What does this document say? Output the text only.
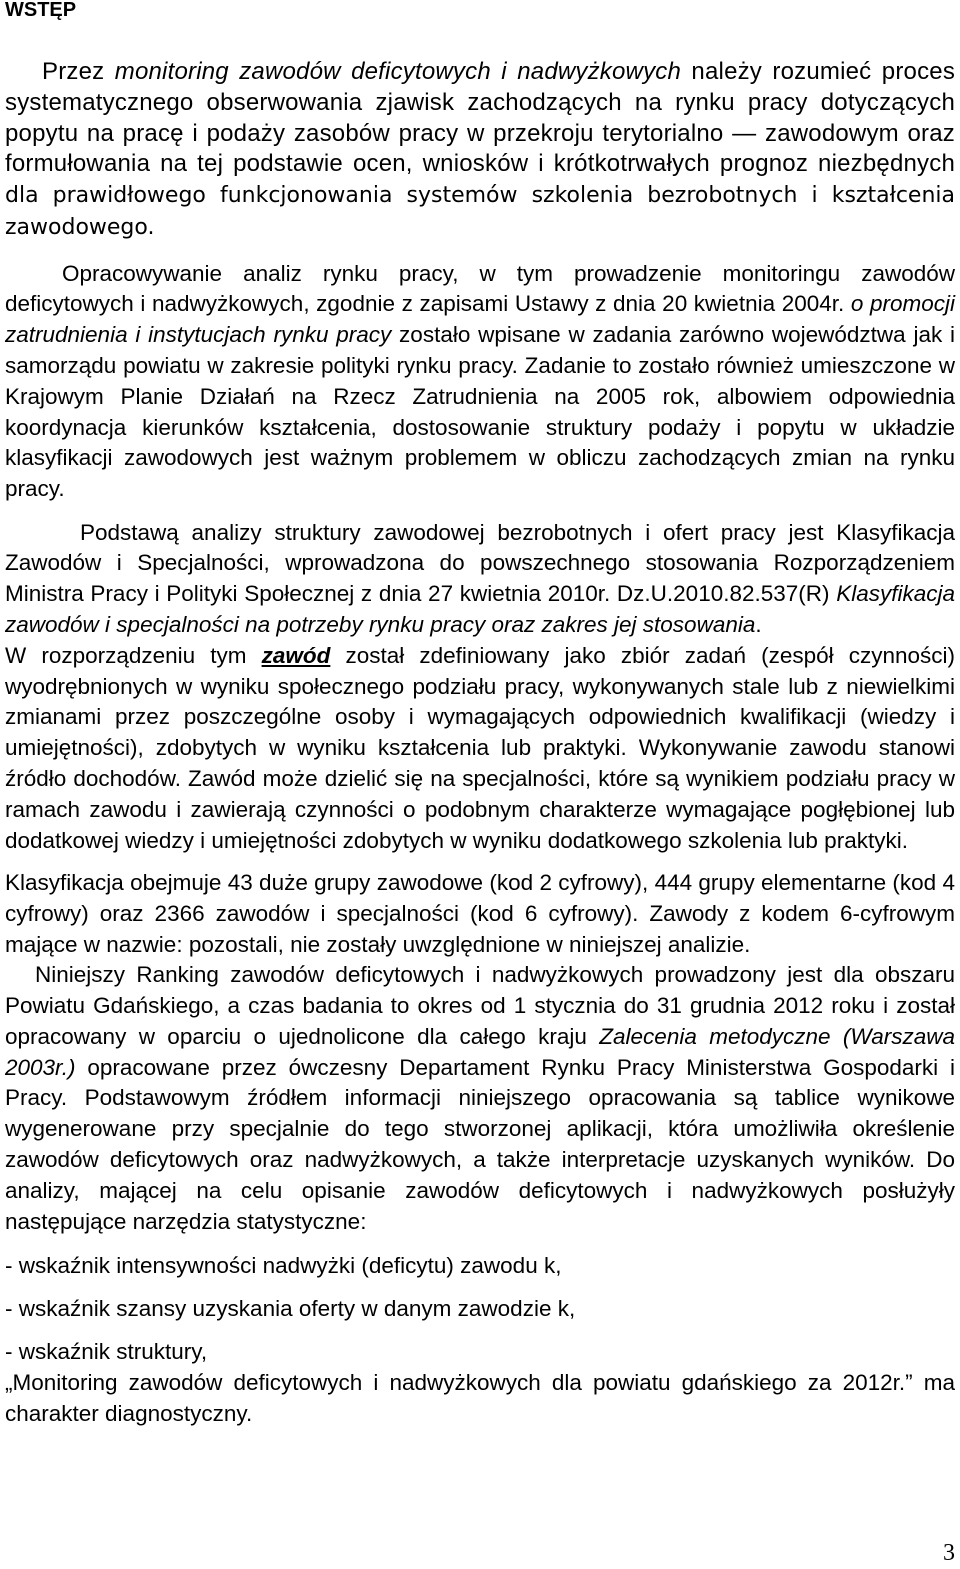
WSTĘP

Przez monitoring zawodów deficytowych i nadwyżkowych należy rozumieć proces systematycznego obserwowania zjawisk zachodzących na rynku pracy dotyczących popytu na pracę i podaży zasobów pracy w przekroju terytorialno — zawodowym oraz formułowania na tej podstawie ocen, wniosków i krótkotrwałych prognoz niezbędnych dla prawidłowego funkcjonowania systemów szkolenia bezrobotnych i kształcenia zawodowego.

Opracowywanie analiz rynku pracy, w tym prowadzenie monitoringu zawodów deficytowych i nadwyżkowych, zgodnie z zapisami Ustawy z dnia 20 kwietnia 2004r. o promocji zatrudnienia i instytucjach rynku pracy zostało wpisane w zadania zarówno województwa jak i samorządu powiatu w zakresie polityki rynku pracy. Zadanie to zostało również umieszczone w Krajowym Planie Działań na Rzecz Zatrudnienia na 2005 rok, albowiem odpowiednia koordynacja kierunków kształcenia, dostosowanie struktury podaży i popytu w układzie klasyfikacji zawodowych jest ważnym problemem w obliczu zachodzących zmian na rynku pracy.

Podstawą analizy struktury zawodowej bezrobotnych i ofert pracy jest Klasyfikacja Zawodów i Specjalności, wprowadzona do powszechnego stosowania Rozporządzeniem Ministra Pracy i Polityki Społecznej z dnia 27 kwietnia 2010r. Dz.U.2010.82.537(R) Klasyfikacja zawodów i specjalności na potrzeby rynku pracy oraz zakres jej stosowania.

W rozporządzeniu tym zawód został zdefiniowany jako zbiór zadań (zespół czynności) wyodrębnionych w wyniku społecznego podziału pracy, wykonywanych stale lub z niewielkimi zmianami przez poszczególne osoby i wymagających odpowiednich kwalifikacji (wiedzy i umiejętności), zdobytych w wyniku kształcenia lub praktyki. Wykonywanie zawodu stanowi źródło dochodów. Zawód może dzielić się na specjalności, które są wynikiem podziału pracy w ramach zawodu i zawierają czynności o podobnym charakterze wymagające pogłębionej lub dodatkowej wiedzy i umiejętności zdobytych w wyniku dodatkowego szkolenia lub praktyki.

Klasyfikacja obejmuje 43 duże grupy zawodowe (kod 2 cyfrowy), 444 grupy elementarne (kod 4 cyfrowy) oraz 2366 zawodów i specjalności (kod 6 cyfrowy). Zawody z kodem 6-cyfrowym mające w nazwie: pozostali, nie zostały uwzględnione w niniejszej analizie.

Niniejszy Ranking zawodów deficytowych i nadwyżkowych prowadzony jest dla obszaru Powiatu Gdańskiego, a czas badania to okres od 1 stycznia do 31 grudnia 2012 roku i został opracowany w oparciu o ujednolicone dla całego kraju Zalecenia metodyczne (Warszawa 2003r.) opracowane przez ówczesny Departament Rynku Pracy Ministerstwa Gospodarki i Pracy. Podstawowym źródłem informacji niniejszego opracowania są tablice wynikowe wygenerowane przy specjalnie do tego stworzonej aplikacji, która umożliwiła określenie zawodów deficytowych oraz nadwyżkowych, a także interpretacje uzyskanych wyników. Do analizy, mającej na celu opisanie zawodów deficytowych i nadwyżkowych posłużyły następujące narzędzia statystyczne:

- wskaźnik intensywności nadwyżki (deficytu) zawodu k,

- wskaźnik szansy uzyskania oferty w danym zawodzie k,

- wskaźnik struktury,

„Monitoring zawodów deficytowych i nadwyżkowych dla powiatu gdańskiego za 2012r.” ma charakter diagnostyczny.

3
